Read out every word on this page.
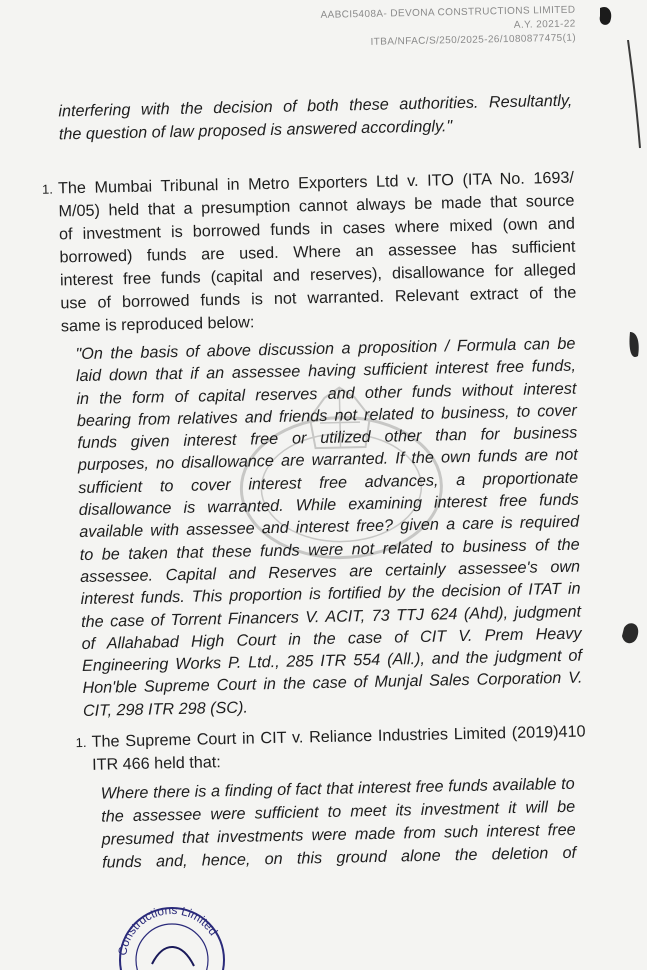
AABCI5408A- DEVONA CONSTRUCTIONS LIMITED
A.Y. 2021-22
ITBA/NFAC/S/250/2025-26/1080877475(1)
interfering with the decision of both these authorities. Resultantly,
the question of law proposed is answered accordingly."
1. The Mumbai Tribunal in Metro Exporters Ltd v. ITO (ITA No. 1693/
M/05) held that a presumption cannot always be made that source
of investment is borrowed funds in cases where mixed (own and
borrowed) funds are used. Where an assessee has sufficient
interest free funds (capital and reserves), disallowance for alleged
use of borrowed funds is not warranted. Relevant extract of the
same is reproduced below:
"On the basis of above discussion a proposition / Formula can be
laid down that if an assessee having sufficient interest free funds,
in the form of capital reserves and other funds without interest
bearing from relatives and friends not related to business, to cover
funds given interest free or utilized other than for business
purposes, no disallowance are warranted. If the own funds are not
sufficient to cover interest free advances, a proportionate
disallowance is warranted. While examining interest free funds
available with assessee and interest free? given a care is required
to be taken that these funds were not related to business of the
assessee. Capital and Reserves are certainly assessee's own
interest funds. This proportion is fortified by the decision of ITAT in
the case of Torrent Financers V. ACIT, 73 TTJ 624 (Ahd), judgment
of Allahabad High Court in the case of CIT V. Prem Heavy
Engineering Works P. Ltd., 285 ITR 554 (All.), and the judgment of
Hon'ble Supreme Court in the case of Munjal Sales Corporation V.
CIT, 298 ITR 298 (SC).
1. The Supreme Court in CIT v. Reliance Industries Limited (2019)410
ITR 466 held that:
Where there is a finding of fact that interest free funds available to
the assessee were sufficient to meet its investment it will be
presumed that investments were made from such interest free
funds and, hence, on this ground alone the deletion of
Constructions Limited
